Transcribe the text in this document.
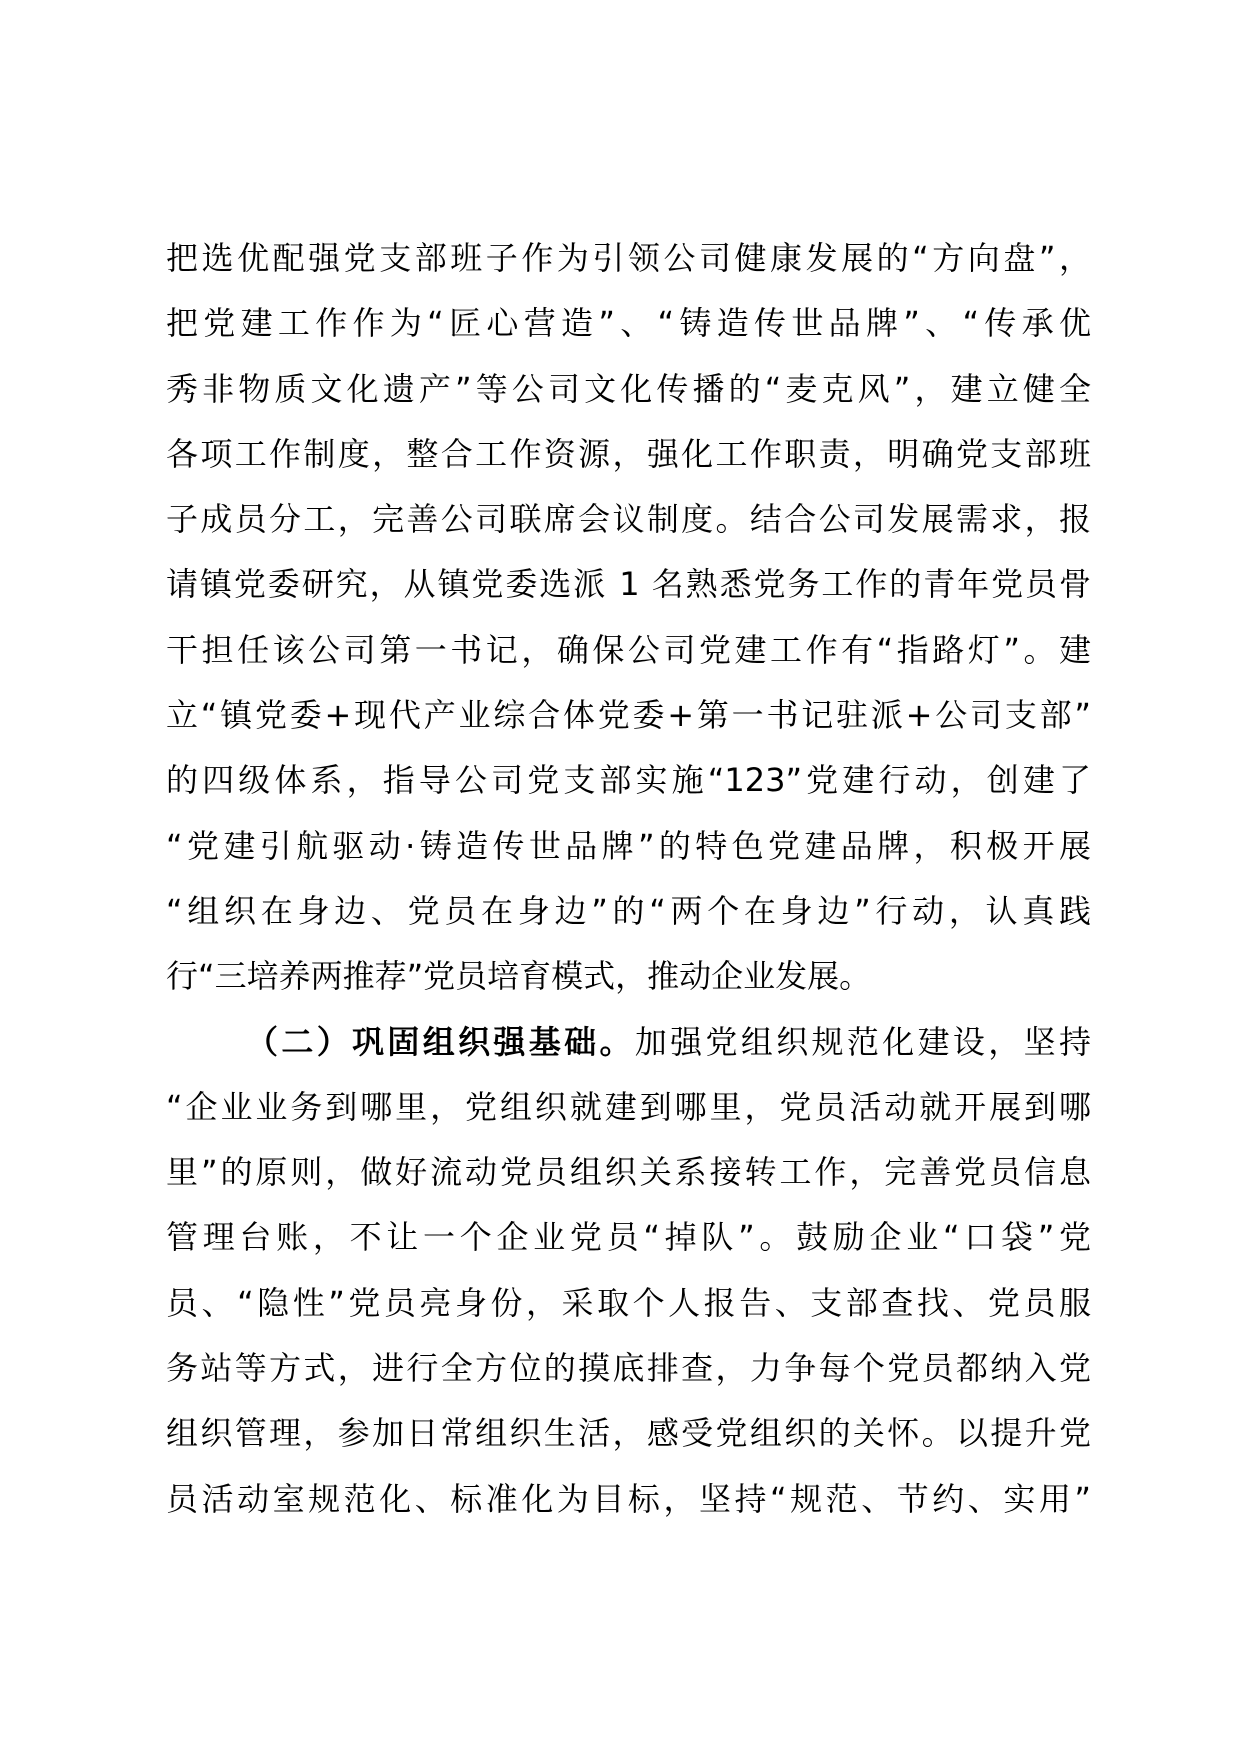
把选优配强党支部班子作为引领公司健康发展的“方向盘”，
把党建工作作为“匠心营造”、“铸造传世品牌”、“传承优
秀非物质文化遗产”等公司文化传播的“麦克风”，建立健全
各项工作制度，整合工作资源，强化工作职责，明确党支部班
子成员分工，完善公司联席会议制度。结合公司发展需求，报
请镇党委研究，从镇党委选派 1 名熟悉党务工作的青年党员骨
干担任该公司第一书记，确保公司党建工作有“指路灯”。建
立“镇党委+现代产业综合体党委+第一书记驻派+公司支部”
的四级体系，指导公司党支部实施“123”党建行动，创建了
“党建引航驱动·铸造传世品牌”的特色党建品牌，积极开展
“组织在身边、党员在身边”的“两个在身边”行动，认真践
行“三培养两推荐”党员培育模式，推动企业发展。
（二）巩固组织强基础。加强党组织规范化建设，坚持
“企业业务到哪里，党组织就建到哪里，党员活动就开展到哪
里”的原则，做好流动党员组织关系接转工作，完善党员信息
管理台账，不让一个企业党员“掉队”。鼓励企业“口袋”党
员、“隐性”党员亮身份，采取个人报告、支部查找、党员服
务站等方式，进行全方位的摸底排查，力争每个党员都纳入党
组织管理，参加日常组织生活，感受党组织的关怀。以提升党
员活动室规范化、标准化为目标，坚持“规范、节约、实用”
